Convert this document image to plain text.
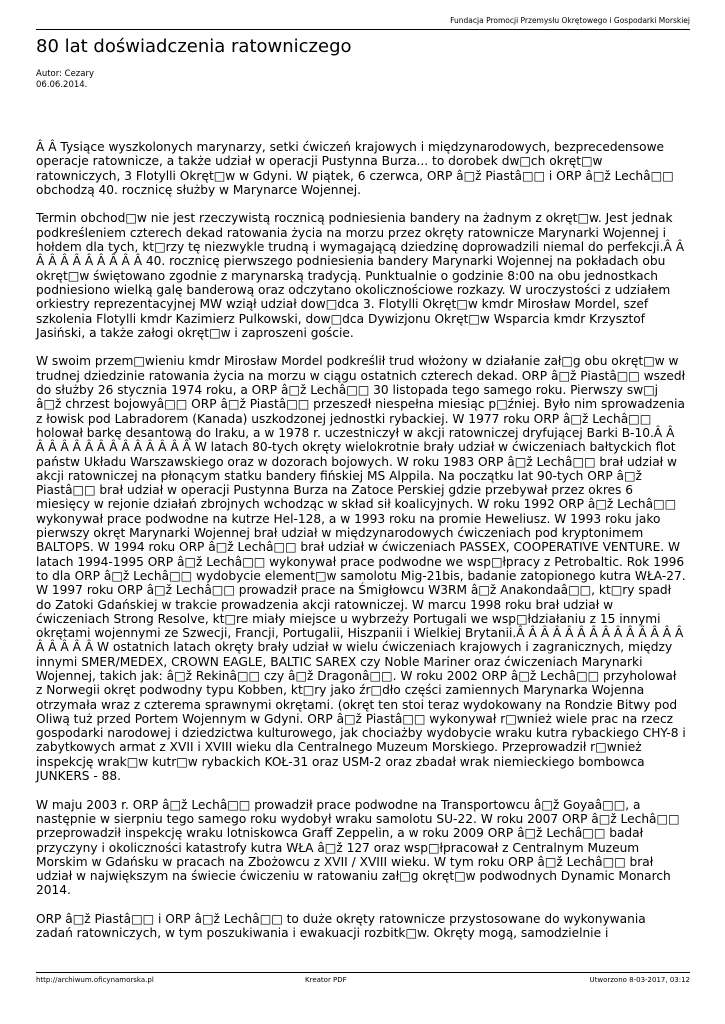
Fundacja Promocji Przemysłu Okrętowego i Gospodarki Morskiej
80 lat doświadczenia ratowniczego
Autor: Cezary
06.06.2014.

Â Â Tysiące wyszkolonych marynarzy, setki ćwiczeń krajowych i międzynarodowych, bezprecedensowe operacje ratownicze, a także udział w operacji Pustynna Burza... to dorobek dw□ch okręt□w ratowniczych, 3 Flotylli Okręt□w w Gdyni. W piątek, 6 czerwca, ORP â□ž Piastâ□□ i ORP â□ž Lechâ□□ obchodzą 40. rocznicę służby w Marynarce Wojennej.

Termin obchod□w nie jest rzeczywistą rocznicą podniesienia bandery na żadnym z okręt□w. Jest jednak podkreśleniem czterech dekad ratowania życia na morzu przez okręty ratownicze Marynarki Wojennej i hołdem dla tych, kt□rzy tę niezwykle trudną i wymagającą dziedzinę doprowadzili niemal do perfekcji.Â Â Â Â Â Â Â Â Â Â Â 40. rocznicę pierwszego podniesienia bandery Marynarki Wojennej na pokładach obu okręt□w świętowano zgodnie z marynarską tradycją. Punktualnie o godzinie 8:00 na obu jednostkach podniesiono wielką galę banderową oraz odczytano okolicznościowe rozkazy. W uroczystości z udziałem orkiestry reprezentacyjnej MW wziął udział dow□dca 3. Flotylli Okręt□w kmdr Mirosław Mordel, szef szkolenia Flotylli kmdr Kazimierz Pulkowski, dow□dca Dywizjonu Okręt□w Wsparcia kmdr Krzysztof Jasiński, a także załogi okręt□w i zaproszeni goście.

W swoim przem□wieniu kmdr Mirosław Mordel podkreślił trud włożony w działanie zał□g obu okręt□w w trudnej dziedzinie ratowania życia na morzu w ciągu ostatnich czterech dekad. ORP â□ž Piastâ□□ wszedł do służby 26 stycznia 1974 roku, a ORP â□ž Lechâ□□ 30 listopada tego samego roku. Pierwszy sw□j â□ž chrzest bojowyâ□□ ORP â□ž Piastâ□□ przeszedł niespełna miesiąc p□źniej. Było nim sprowadzenia z łowisk pod Labradorem (Kanada) uszkodzonej jednostki rybackiej. W 1977 roku ORP â□ž Lechâ□□ holował barkę desantową do Iraku, a w 1978 r. uczestniczył w akcji ratowniczej dryfującej Barki B-10.Â Â Â Â Â Â Â Â Â Â Â Â Â Â Â W latach 80-tych okręty wielokrotnie brały udział w ćwiczeniach bałtyckich flot państw Układu Warszawskiego oraz w dozorach bojowych. W roku 1983 ORP â□ž Lechâ□□ brał udział w akcji ratowniczej na płonącym statku bandery fińskiej MS Alppila. Na początku lat 90-tych ORP â□ž Piastâ□□ brał udział w operacji Pustynna Burza na Zatoce Perskiej gdzie przebywał przez okres 6 miesięcy w rejonie działań zbrojnych wchodząc w skład sił koalicyjnych. W roku 1992 ORP â□ž Lechâ□□ wykonywał prace podwodne na kutrze Hel-128, a w 1993 roku na promie Heweliusz. W 1993 roku jako pierwszy okręt Marynarki Wojennej brał udział w międzynarodowych ćwiczeniach pod kryptonimem BALTOPS. W 1994 roku ORP â□ž Lechâ□□ brał udział w ćwiczeniach PASSEX, COOPERATIVE VENTURE. W latach 1994-1995 ORP â□ž Lechâ□□ wykonywał prace podwodne we wsp□łpracy z Petrobaltic. Rok 1996 to dla ORP â□ž Lechâ□□ wydobycie element□w samolotu Mig-21bis, badanie zatopionego kutra WŁA-27. W 1997 roku ORP â□ž Lechâ□□ prowadził prace na Śmigłowcu W3RM â□ž Anakondaâ□□, kt□ry spadł do Zatoki Gdańskiej w trakcie prowadzenia akcji ratowniczej. W marcu 1998 roku brał udział w ćwiczeniach Strong Resolve, kt□re miały miejsce u wybrzeży Portugali we wsp□łdziałaniu z 15 innymi okrętami wojennymi ze Szwecji, Francji, Portugalii, Hiszpanii i Wielkiej Brytanii.Â Â Â Â Â Â Â Â Â Â Â Â Â Â Â Â Â Â Â W ostatnich latach okręty brały udział w wielu ćwiczeniach krajowych i zagranicznych, między innymi SMER/MEDEX, CROWN EAGLE, BALTIC SAREX czy Noble Mariner oraz ćwiczeniach Marynarki Wojennej, takich jak: â□ž Rekinâ□□ czy â□ž Dragonâ□□. W roku 2002 ORP â□ž Lechâ□□ przyholował z Norwegii okręt podwodny typu Kobben, kt□ry jako źr□dło części zamiennych Marynarka Wojenna otrzymała wraz z czterema sprawnymi okrętami. (okręt ten stoi teraz wydokowany na Rondzie Bitwy pod Oliwą tuż przed Portem Wojennym w Gdyni. ORP â□ž Piastâ□□ wykonywał r□wnież wiele prac na rzecz gospodarki narodowej i dziedzictwa kulturowego, jak chociażby wydobycie wraku kutra rybackiego CHY-8 i zabytkowych armat z XVII i XVIII wieku dla Centralnego Muzeum Morskiego. Przeprowadził r□wnież inspekcję wrak□w kutr□w rybackich KOŁ-31 oraz USM-2 oraz zbadał wrak niemieckiego bombowca JUNKERS - 88.

W maju 2003 r. ORP â□ž Lechâ□□ prowadził prace podwodne na Transportowcu â□ž Goyaâ□□, a następnie w sierpniu tego samego roku wydobył wraku samolotu SU-22. W roku 2007 ORP â□ž Lechâ□□ przeprowadził inspekcję wraku lotniskowca Graff Zeppelin, a w roku 2009 ORP â□ž Lechâ□□ badał przyczyny i okoliczności katastrofy kutra WŁA â□ž 127 oraz wsp□łpracował z Centralnym Muzeum Morskim w Gdańsku w pracach na Zbożowcu z XVII / XVIII wieku. W tym roku ORP â□ž Lechâ□□ brał udział w największym na świecie ćwiczeniu w ratowaniu zał□g okręt□w podwodnych Dynamic Monarch 2014.

ORP â□ž Piastâ□□ i ORP â□ž Lechâ□□ to duże okręty ratownicze przystosowane do wykonywania zadań ratowniczych, w tym poszukiwania i ewakuacji rozbitk□w. Okręty mogą, samodzielnie i

http://archiwum.oficynamorska.pl	Kreator PDF	Utworzono 8-03-2017, 03:12
